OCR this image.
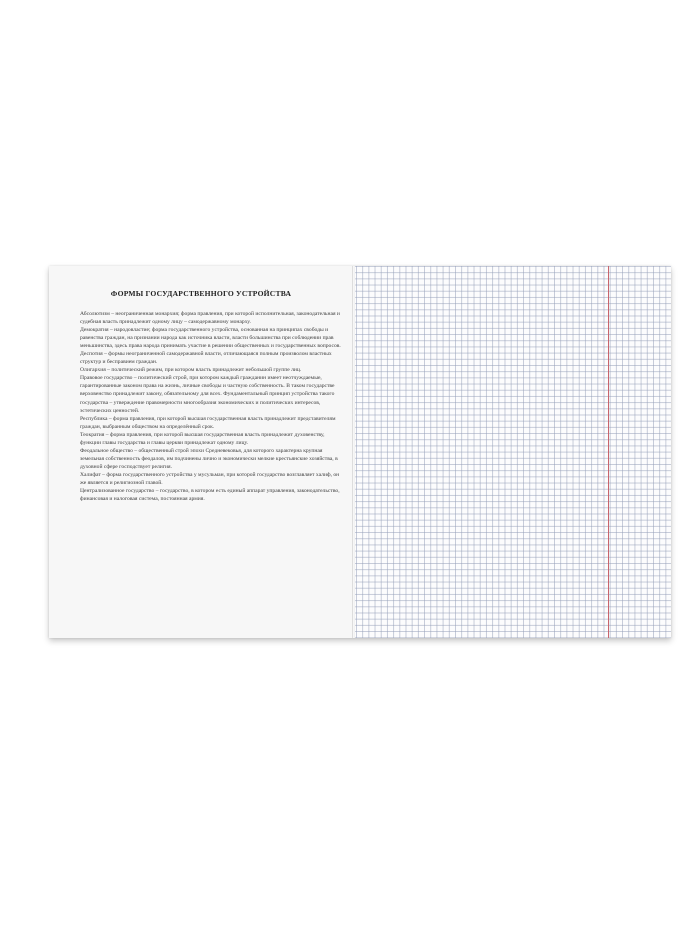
ФОРМЫ ГОСУДАРСТВЕННОГО УСТРОЙСТВА

Абсолютизм – неограниченная монархия; форма правления, при которой исполнительная, законодательная и судебная власть принадлежит одному лицу – самодержавному монарху.

Демократия – народовластие; форма государственного устройства, основанная на принципах свободы и равенства граждан, на признании народа как источника власти, власти большинства при соблюдении прав меньшинства, здесь права народа принимать участие в решении общественных и государственных вопросов.

Деспотия – формы неограниченной самодержавной власти, отличающаяся полным произволом властных структур и бесправием граждан.

Олигархия – политический режим, при котором власть принадлежит небольшой группе лиц.

Правовое государство – политический строй, при котором каждый гражданин имеет неотчуждаемые, гарантированные законом права на жизнь, личные свободы и частную собственность. В таком государстве верховенство принадлежит закону, обязательному для всех. Фундаментальный принцип устройства такого государства – утверждение правомерности многообразия экономических и политических интересов, эстетических ценностей.

Республика – форма правления, при которой высшая государственная власть принадлежит представителям граждан, выбранным обществом на определённый срок.

Теократия – форма правления, при которой высшая государственная власть принадлежит духовенству, функции главы государства и главы церкви принадлежат одному лицу.

Феодальное общество – общественный строй эпохи Средневековья, для которого характерна крупная земельная собственность феодалов, им подчинены лично и экономически мелкие крестьянские хозяйства, в духовной сфере господствует религия.

Халифат – форма государственного устройства у мусульман, при которой государство возглавляет халиф, он же является и религиозной главой.

Централизованное государство – государство, в котором есть единый аппарат управления, законодательство, финансовая и налоговая система, постоянная армия.
